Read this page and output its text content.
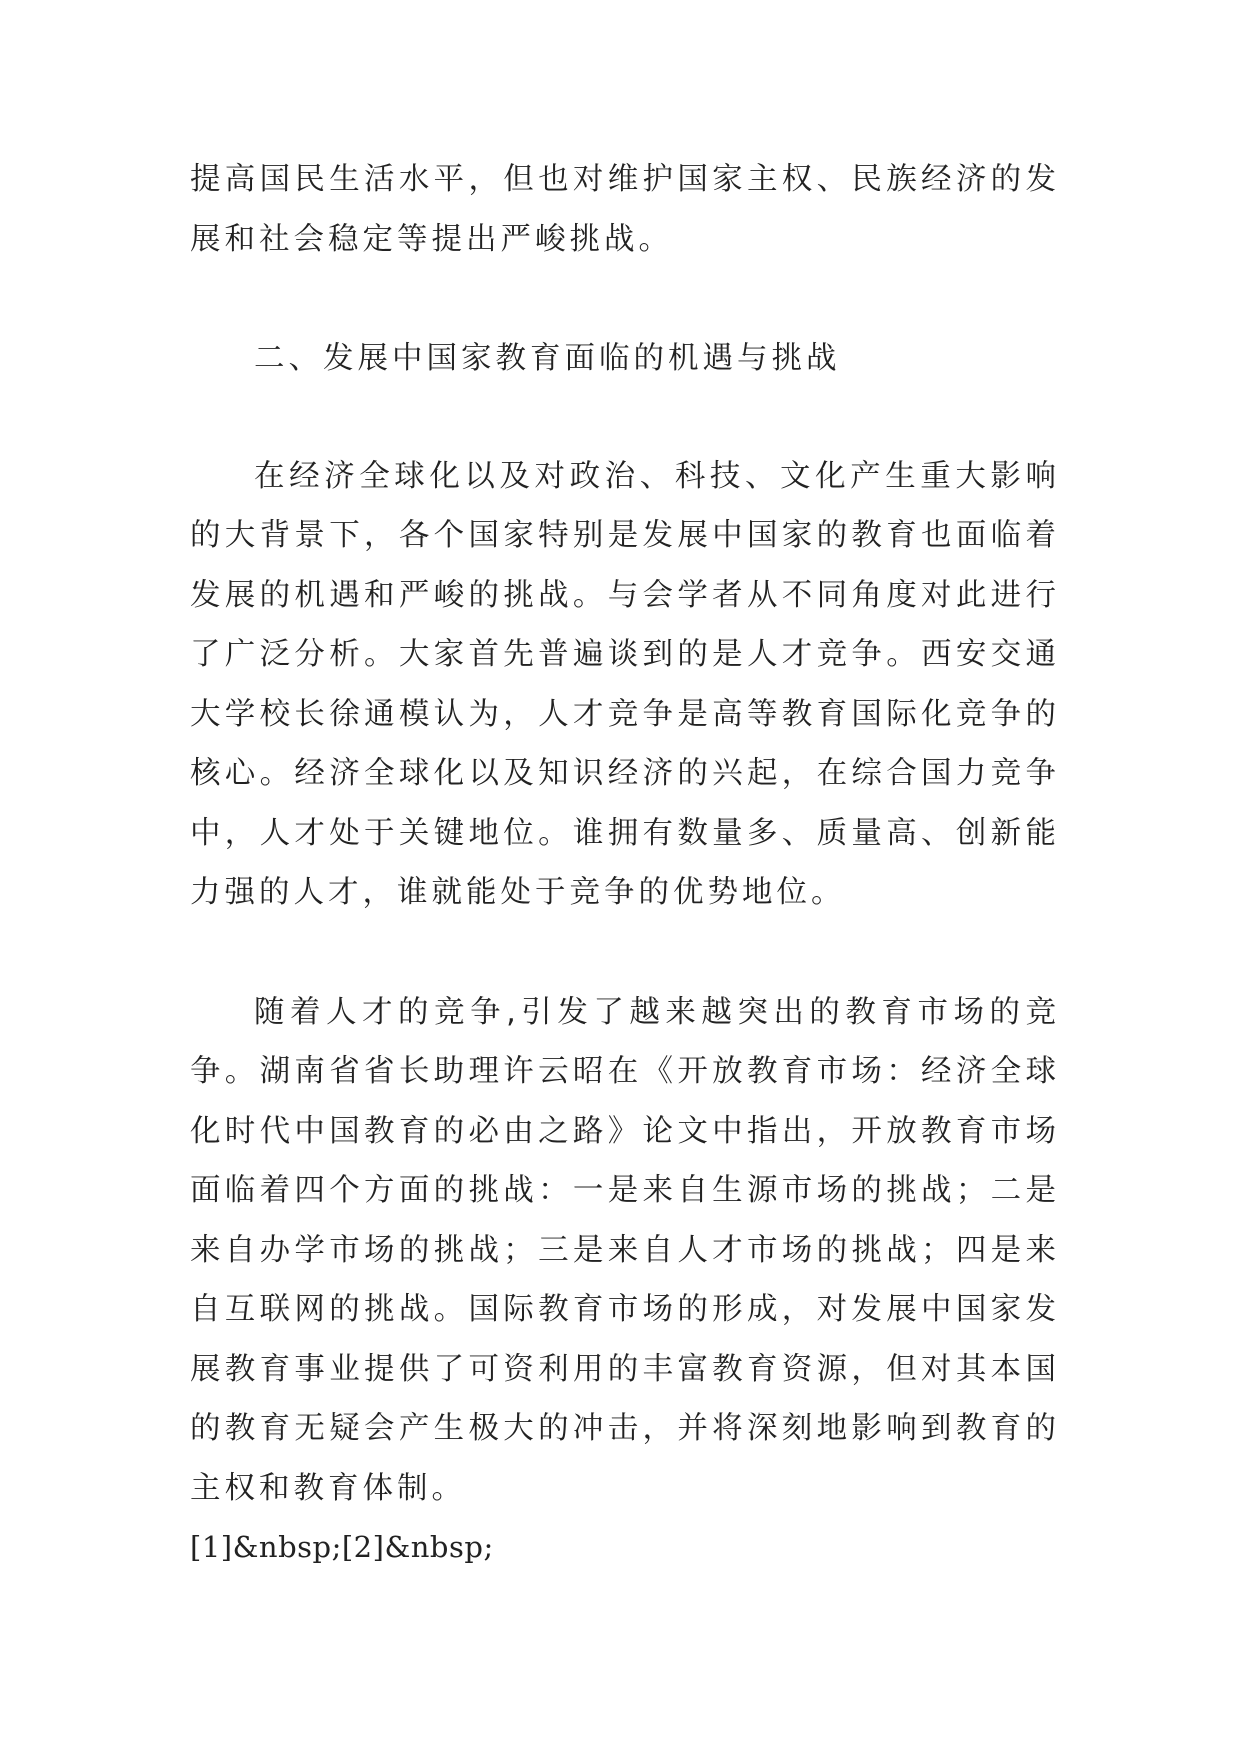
提高国民生活水平，但也对维护国家主权、民族经济的发展和社会稳定等提出严峻挑战。

二、发展中国家教育面临的机遇与挑战

在经济全球化以及对政治、科技、文化产生重大影响的大背景下，各个国家特别是发展中国家的教育也面临着发展的机遇和严峻的挑战。与会学者从不同角度对此进行了广泛分析。大家首先普遍谈到的是人才竞争。西安交通大学校长徐通模认为，人才竞争是高等教育国际化竞争的核心。经济全球化以及知识经济的兴起，在综合国力竞争中，人才处于关键地位。谁拥有数量多、质量高、创新能力强的人才，谁就能处于竞争的优势地位。

随着人才的竞争,引发了越来越突出的教育市场的竞争。湖南省省长助理许云昭在《开放教育市场：经济全球化时代中国教育的必由之路》论文中指出，开放教育市场面临着四个方面的挑战：一是来自生源市场的挑战；二是来自办学市场的挑战；三是来自人才市场的挑战；四是来自互联网的挑战。国际教育市场的形成，对发展中国家发展教育事业提供了可资利用的丰富教育资源，但对其本国的教育无疑会产生极大的冲击，并将深刻地影响到教育的主权和教育体制。

[1]&nbsp;[2]&nbsp;
